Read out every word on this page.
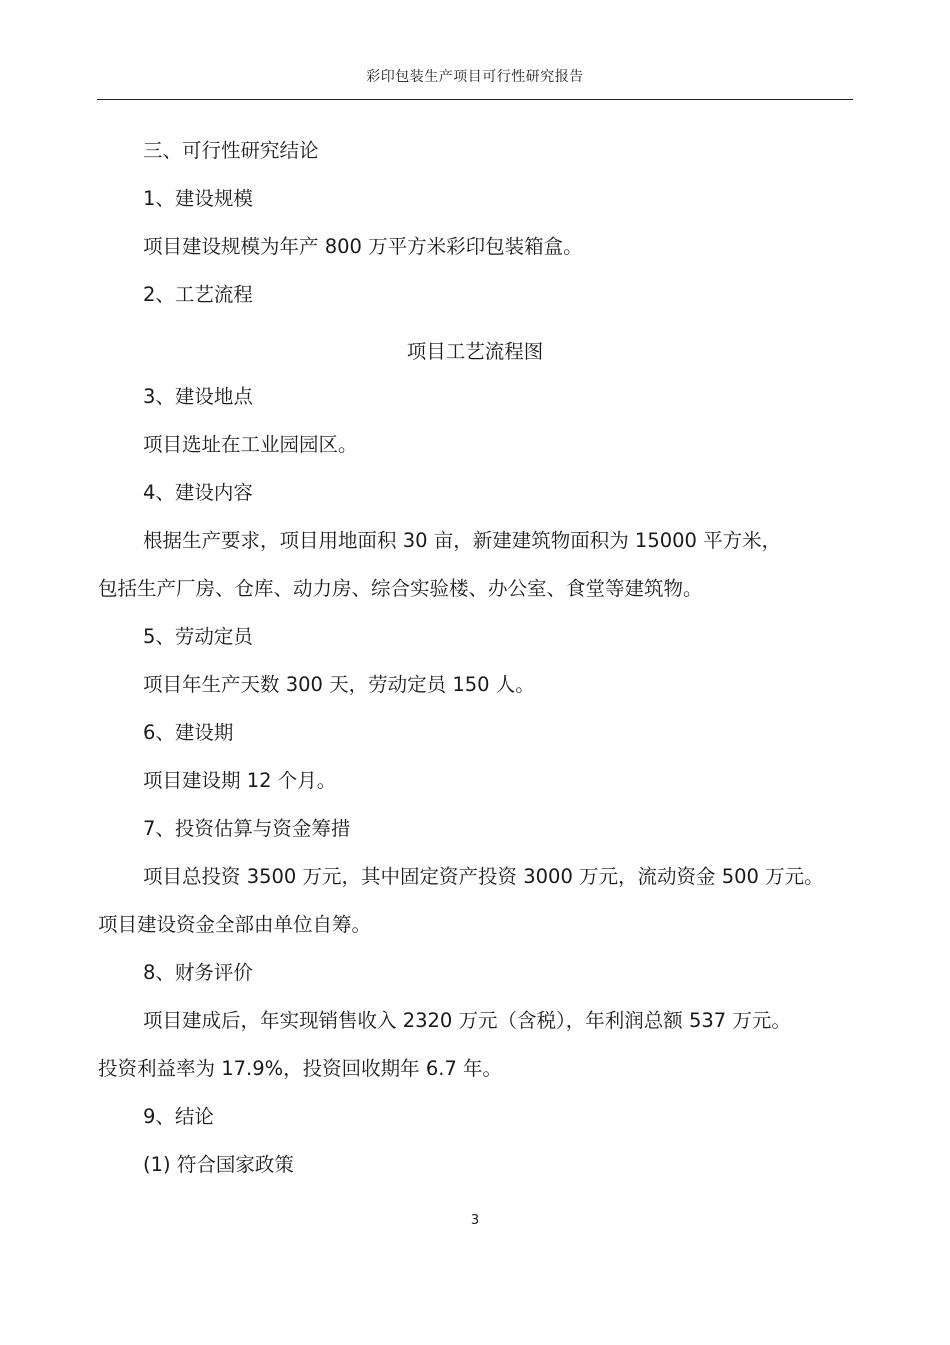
彩印包装生产项目可行性研究报告
三、可行性研究结论
1、建设规模
项目建设规模为年产 800 万平方米彩印包装箱盒。
2、工艺流程
项目工艺流程图
3、建设地点
项目选址在工业园园区。
4、建设内容
根据生产要求，项目用地面积 30 亩，新建建筑物面积为 15000 平方米，
包括生产厂房、仓库、动力房、综合实验楼、办公室、食堂等建筑物。
5、劳动定员
项目年生产天数 300 天，劳动定员 150 人。
6、建设期
项目建设期 12 个月。
7、投资估算与资金筹措
项目总投资 3500 万元，其中固定资产投资 3000 万元，流动资金 500 万元。
项目建设资金全部由单位自筹。
8、财务评价
项目建成后，年实现销售收入 2320 万元（含税），年利润总额 537 万元。
投资利益率为 17.9%，投资回收期年 6.7 年。
9、结论
(1) 符合国家政策
3
